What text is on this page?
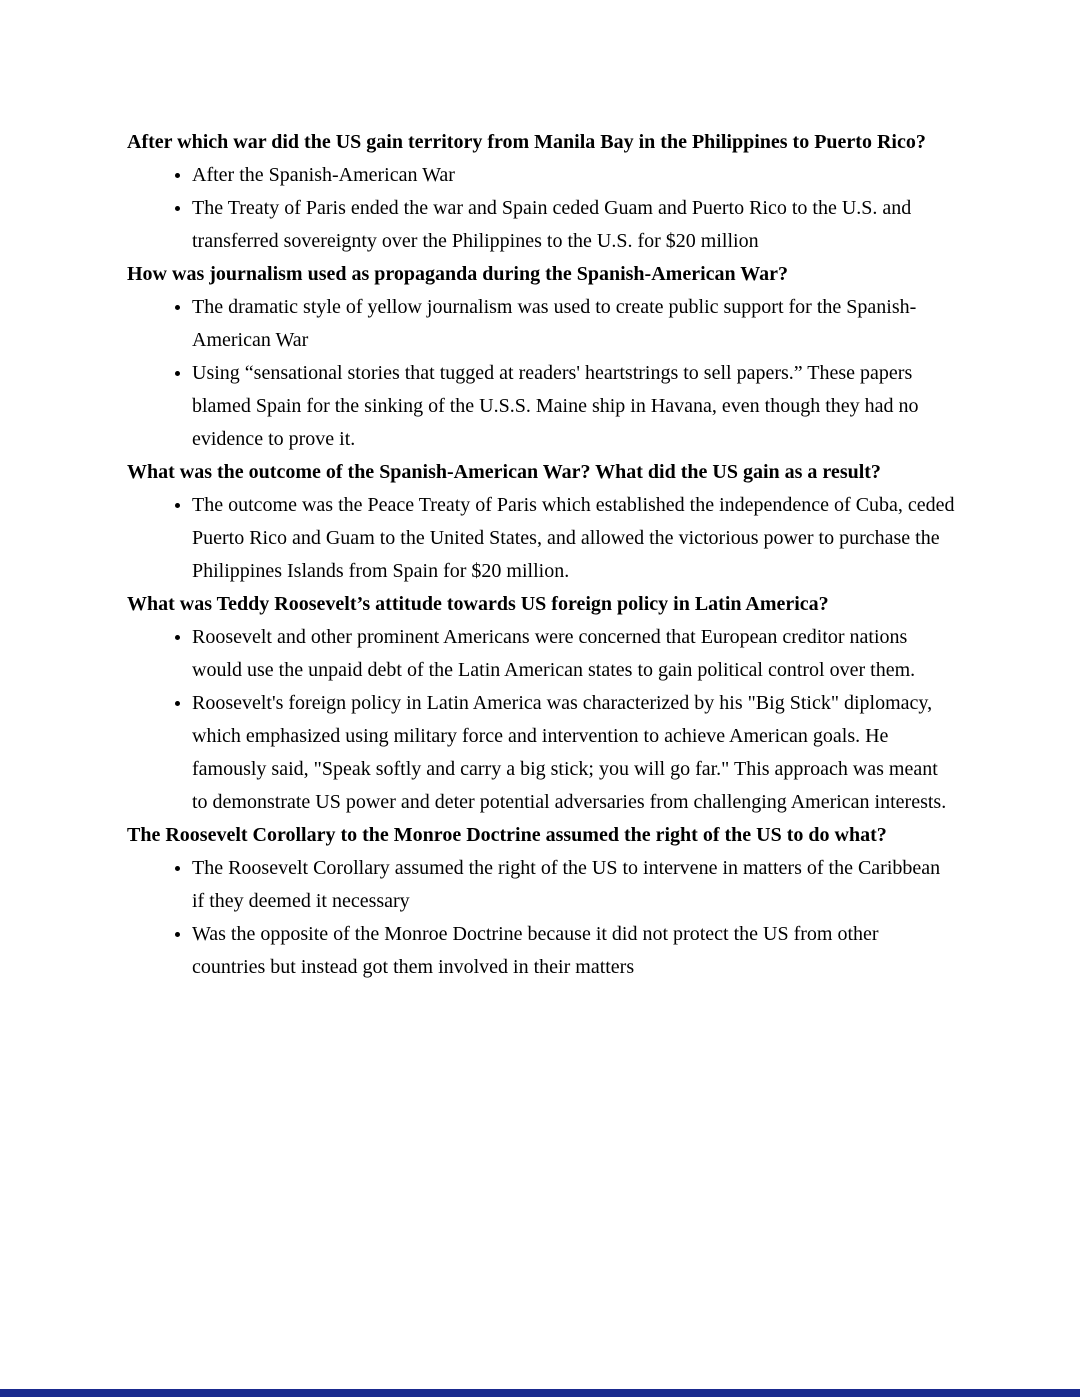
After which war did the US gain territory from Manila Bay in the Philippines to Puerto Rico?
• After the Spanish-American War
• The Treaty of Paris ended the war and Spain ceded Guam and Puerto Rico to the U.S. and transferred sovereignty over the Philippines to the U.S. for $20 million
How was journalism used as propaganda during the Spanish-American War?
• The dramatic style of yellow journalism was used to create public support for the Spanish-American War
• Using “sensational stories that tugged at readers' heartstrings to sell papers.” These papers blamed Spain for the sinking of the U.S.S. Maine ship in Havana, even though they had no evidence to prove it.
What was the outcome of the Spanish-American War? What did the US gain as a result?
• The outcome was the Peace Treaty of Paris which established the independence of Cuba, ceded Puerto Rico and Guam to the United States, and allowed the victorious power to purchase the Philippines Islands from Spain for $20 million.
What was Teddy Roosevelt’s attitude towards US foreign policy in Latin America?
• Roosevelt and other prominent Americans were concerned that European creditor nations would use the unpaid debt of the Latin American states to gain political control over them.
• Roosevelt's foreign policy in Latin America was characterized by his "Big Stick" diplomacy, which emphasized using military force and intervention to achieve American goals. He famously said, "Speak softly and carry a big stick; you will go far." This approach was meant to demonstrate US power and deter potential adversaries from challenging American interests.
The Roosevelt Corollary to the Monroe Doctrine assumed the right of the US to do what?
• The Roosevelt Corollary assumed the right of the US to intervene in matters of the Caribbean if they deemed it necessary
• Was the opposite of the Monroe Doctrine because it did not protect the US from other countries but instead got them involved in their matters
